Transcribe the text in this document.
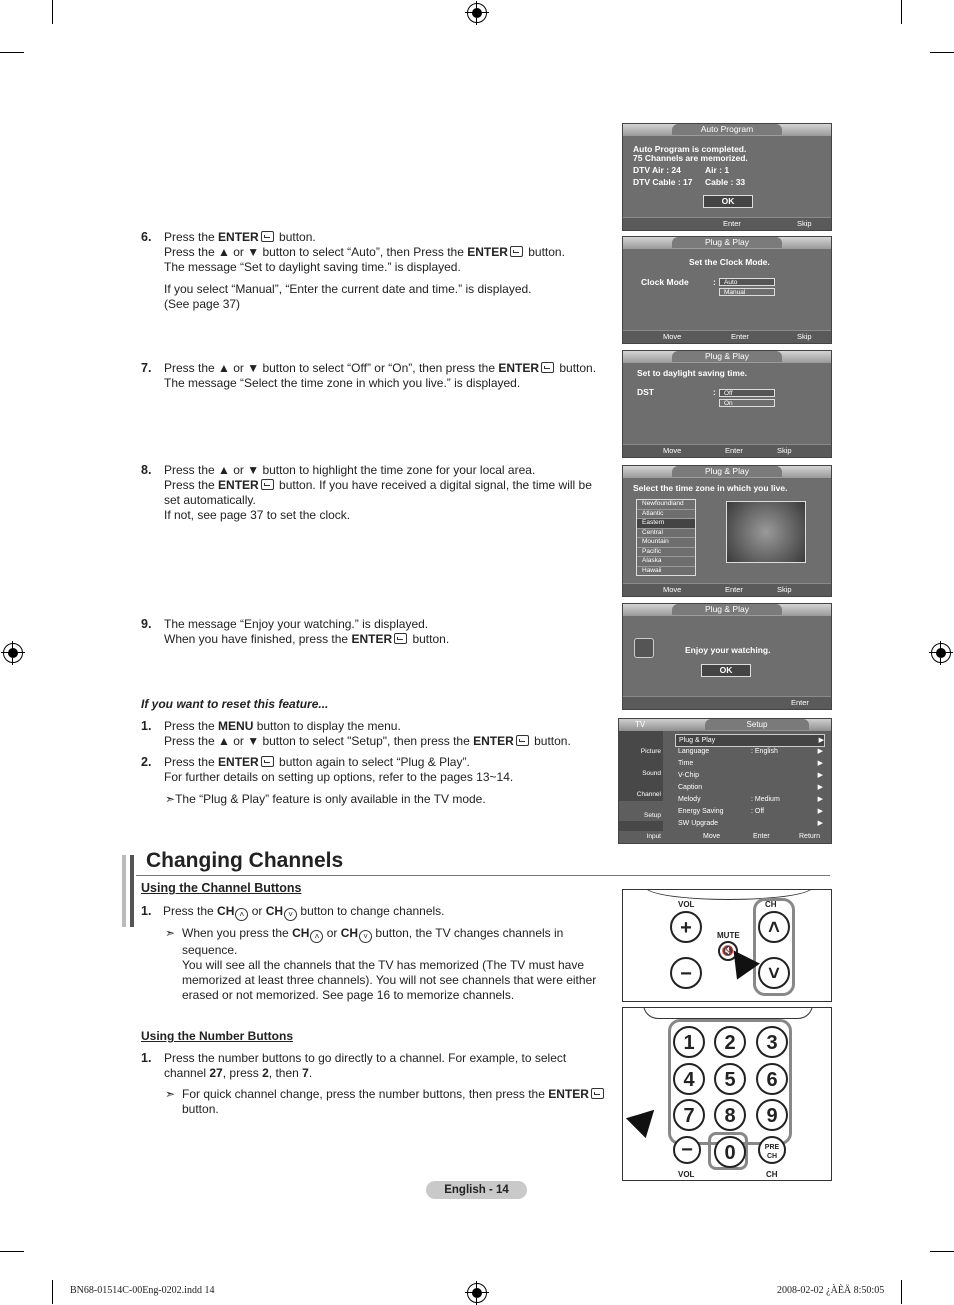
Auto Program
Auto Program is completed.
75 Channels are memorized.
DTV Air : 24	Air : 1
DTV Cable : 17 Cable : 33
OK
Enter	Skip
Plug & Play
Set the Clock Mode.
Clock Mode	:	Auto
Manual
Move	Enter	Skip
Plug & Play
Set to daylight saving time.
DST	:	Off
On
Move	Enter	Skip
Plug & Play
Select the time zone in which you live.
Newfoundland
Atlantic
Eastern
Central
Mountain
Pacific
Alaska
Hawaii
Move	Enter	Skip
Plug & Play
Enjoy your watching.
OK
Enter
TV	Setup
Picture
Sound
Channel
Setup
Input
Plug & Play	▶
Language	: English	▶
Time	▶
V-Chip	▶
Caption	▶
Melody	: Medium	▶
Energy Saving	: Off	▶
SW Upgrade	▶
Move	Enter	Return
6. Press the ENTER button.

Press the ▲ or ▼ button to select “Auto”, then Press the ENTER button.

The message “Set to daylight saving time.” is displayed.

If you select “Manual”, “Enter the current date and time.” is displayed.

(See page 37)

7. Press the ▲ or ▼ button to select “Off” or “On”, then press the ENTER button.

The message “Select the time zone in which you live.” is displayed.

8. Press the ▲ or ▼ button to highlight the time zone for your local area.

Press the ENTER button. If you have received a digital signal, the time will be

set automatically.

If not, see page 37 to set the clock.

9. The message “Enjoy your watching.” is displayed.

When you have finished, press the ENTER button.

If you want to reset this feature...
1. Press the MENU button to display the menu.

Press the ▲ or ▼ button to select "Setup", then press the ENTER button.

2. Press the ENTER button again to select “Plug & Play”.

For further details on setting up options, refer to the pages 13~14.

➣The “Plug & Play” feature is only available in the TV mode.
Changing Channels
Using the Channel Buttons
1. Press the CH ˄ or CH ˅ button to change channels.
➣ When you press the CH ˄ or CH ˅ button, the TV changes channels in

sequence.

You will see all the channels that the TV has memorized (The TV must have

memorized at least three channels). You will not see channels that were either

erased or not memorized. See page 16 to memorize channels.

Using the Number Buttons
1. Press the number buttons to go directly to a channel. For example, to select

channel 27, press 2, then 7.

➣ For quick channel change, press the number buttons, then press the ENTER

button.

VOL	CH
+
−
MUTE
🔇
˄
˅
1	2	3
4	5	6
7	8	9
−	0	PRE CH
VOL	CH
English - 14
BN68-01514C-00Eng-0202.indd 14	2008-02-02 ¿ÀÈÄ 8:50:05
